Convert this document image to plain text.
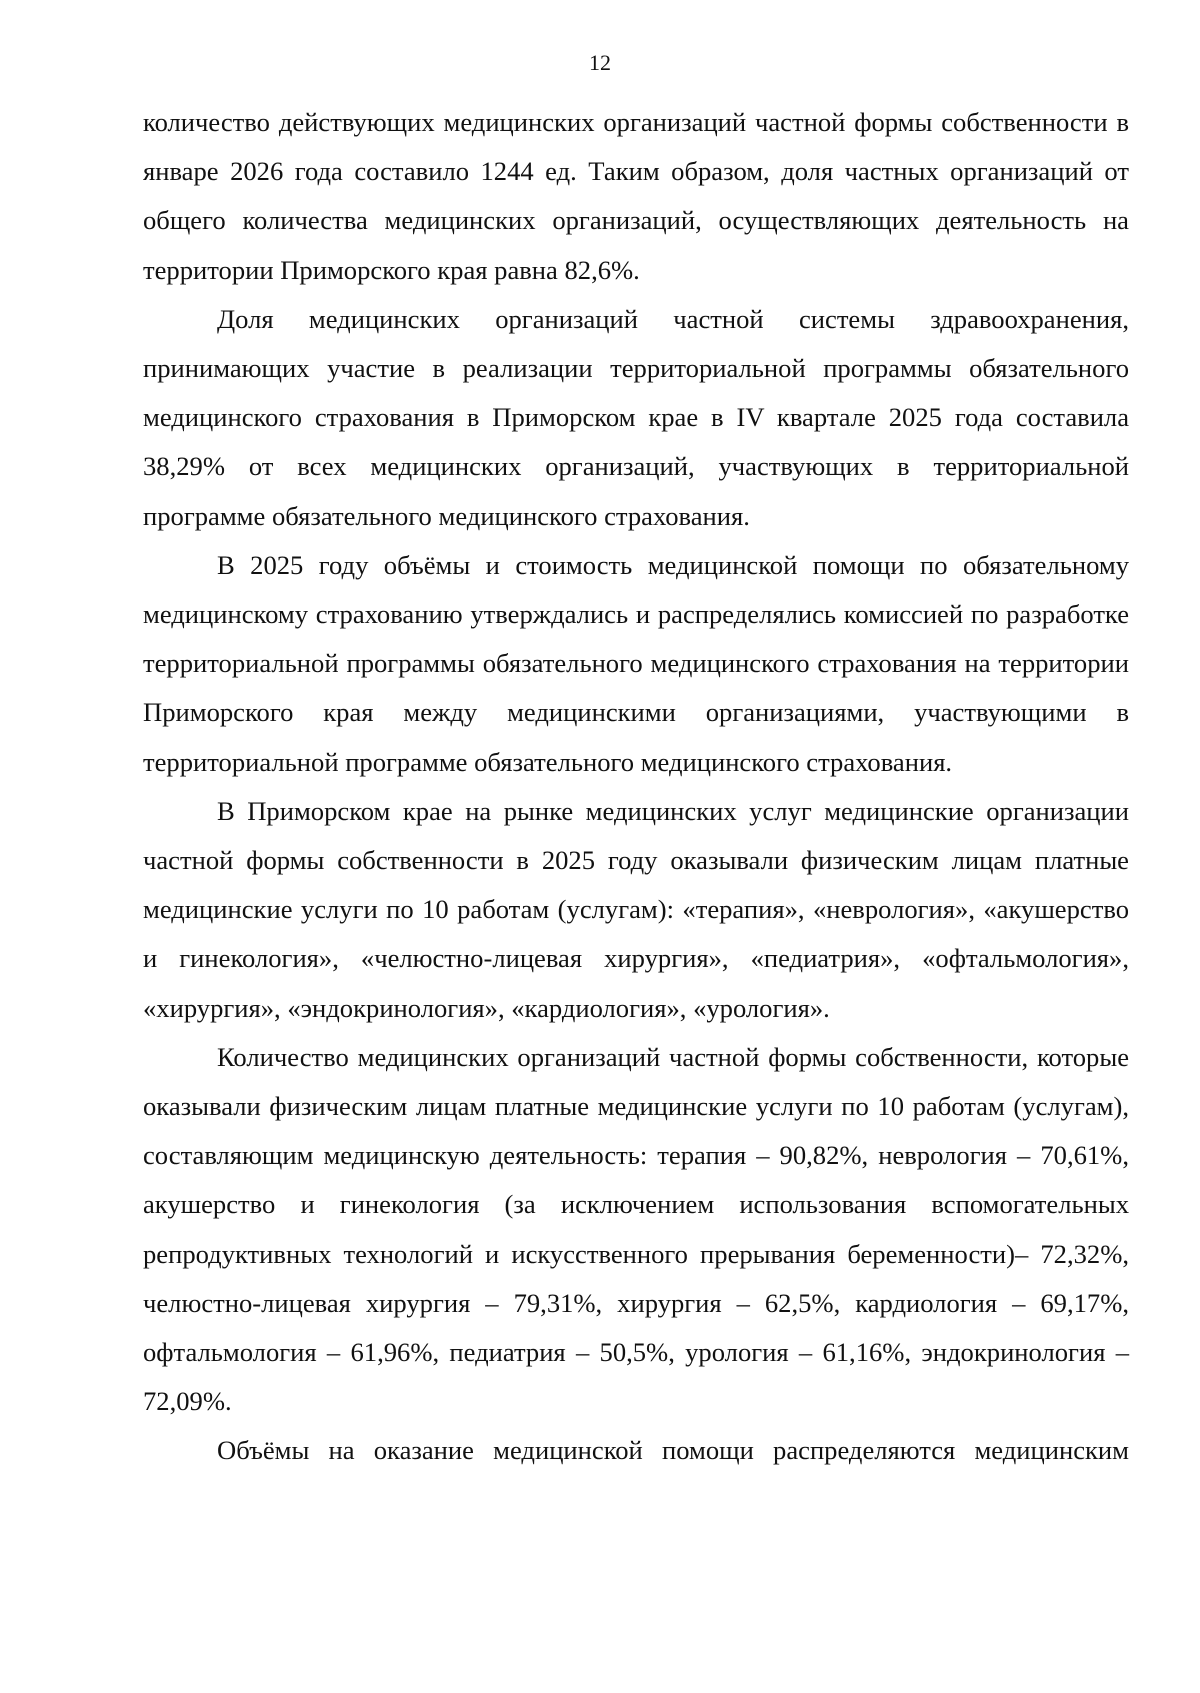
12

количество действующих медицинских организаций частной формы собственности в январе 2026 года составило 1244 ед. Таким образом, доля частных организаций от общего количества медицинских организаций, осуществляющих деятельность на территории Приморского края равна 82,6%.

Доля медицинских организаций частной системы здравоохранения, принимающих участие в реализации территориальной программы обязательного медицинского страхования в Приморском крае в IV квартале 2025 года составила 38,29% от всех медицинских организаций, участвующих в территориальной программе обязательного медицинского страхования.

В 2025 году объёмы и стоимость медицинской помощи по обязательному медицинскому страхованию утверждались и распределялись комиссией по разработке территориальной программы обязательного медицинского страхования на территории Приморского края между медицинскими организациями, участвующими в территориальной программе обязательного медицинского страхования.

В Приморском крае на рынке медицинских услуг медицинские организации частной формы собственности в 2025 году оказывали физическим лицам платные медицинские услуги по 10 работам (услугам): «терапия», «неврология», «акушерство и гинекология», «челюстно-лицевая хирургия», «педиатрия», «офтальмология», «хирургия», «эндокринология», «кардиология», «урология».

Количество медицинских организаций частной формы собственности, которые оказывали физическим лицам платные медицинские услуги по 10 работам (услугам), составляющим медицинскую деятельность: терапия – 90,82%, неврология – 70,61%, акушерство и гинекология (за исключением использования вспомогательных репродуктивных технологий и искусственного прерывания беременности)– 72,32%, челюстно-лицевая хирургия – 79,31%, хирургия – 62,5%, кардиология – 69,17%, офтальмология – 61,96%, педиатрия – 50,5%, урология – 61,16%, эндокринология – 72,09%.

Объёмы на оказание медицинской помощи распределяются медицинским
